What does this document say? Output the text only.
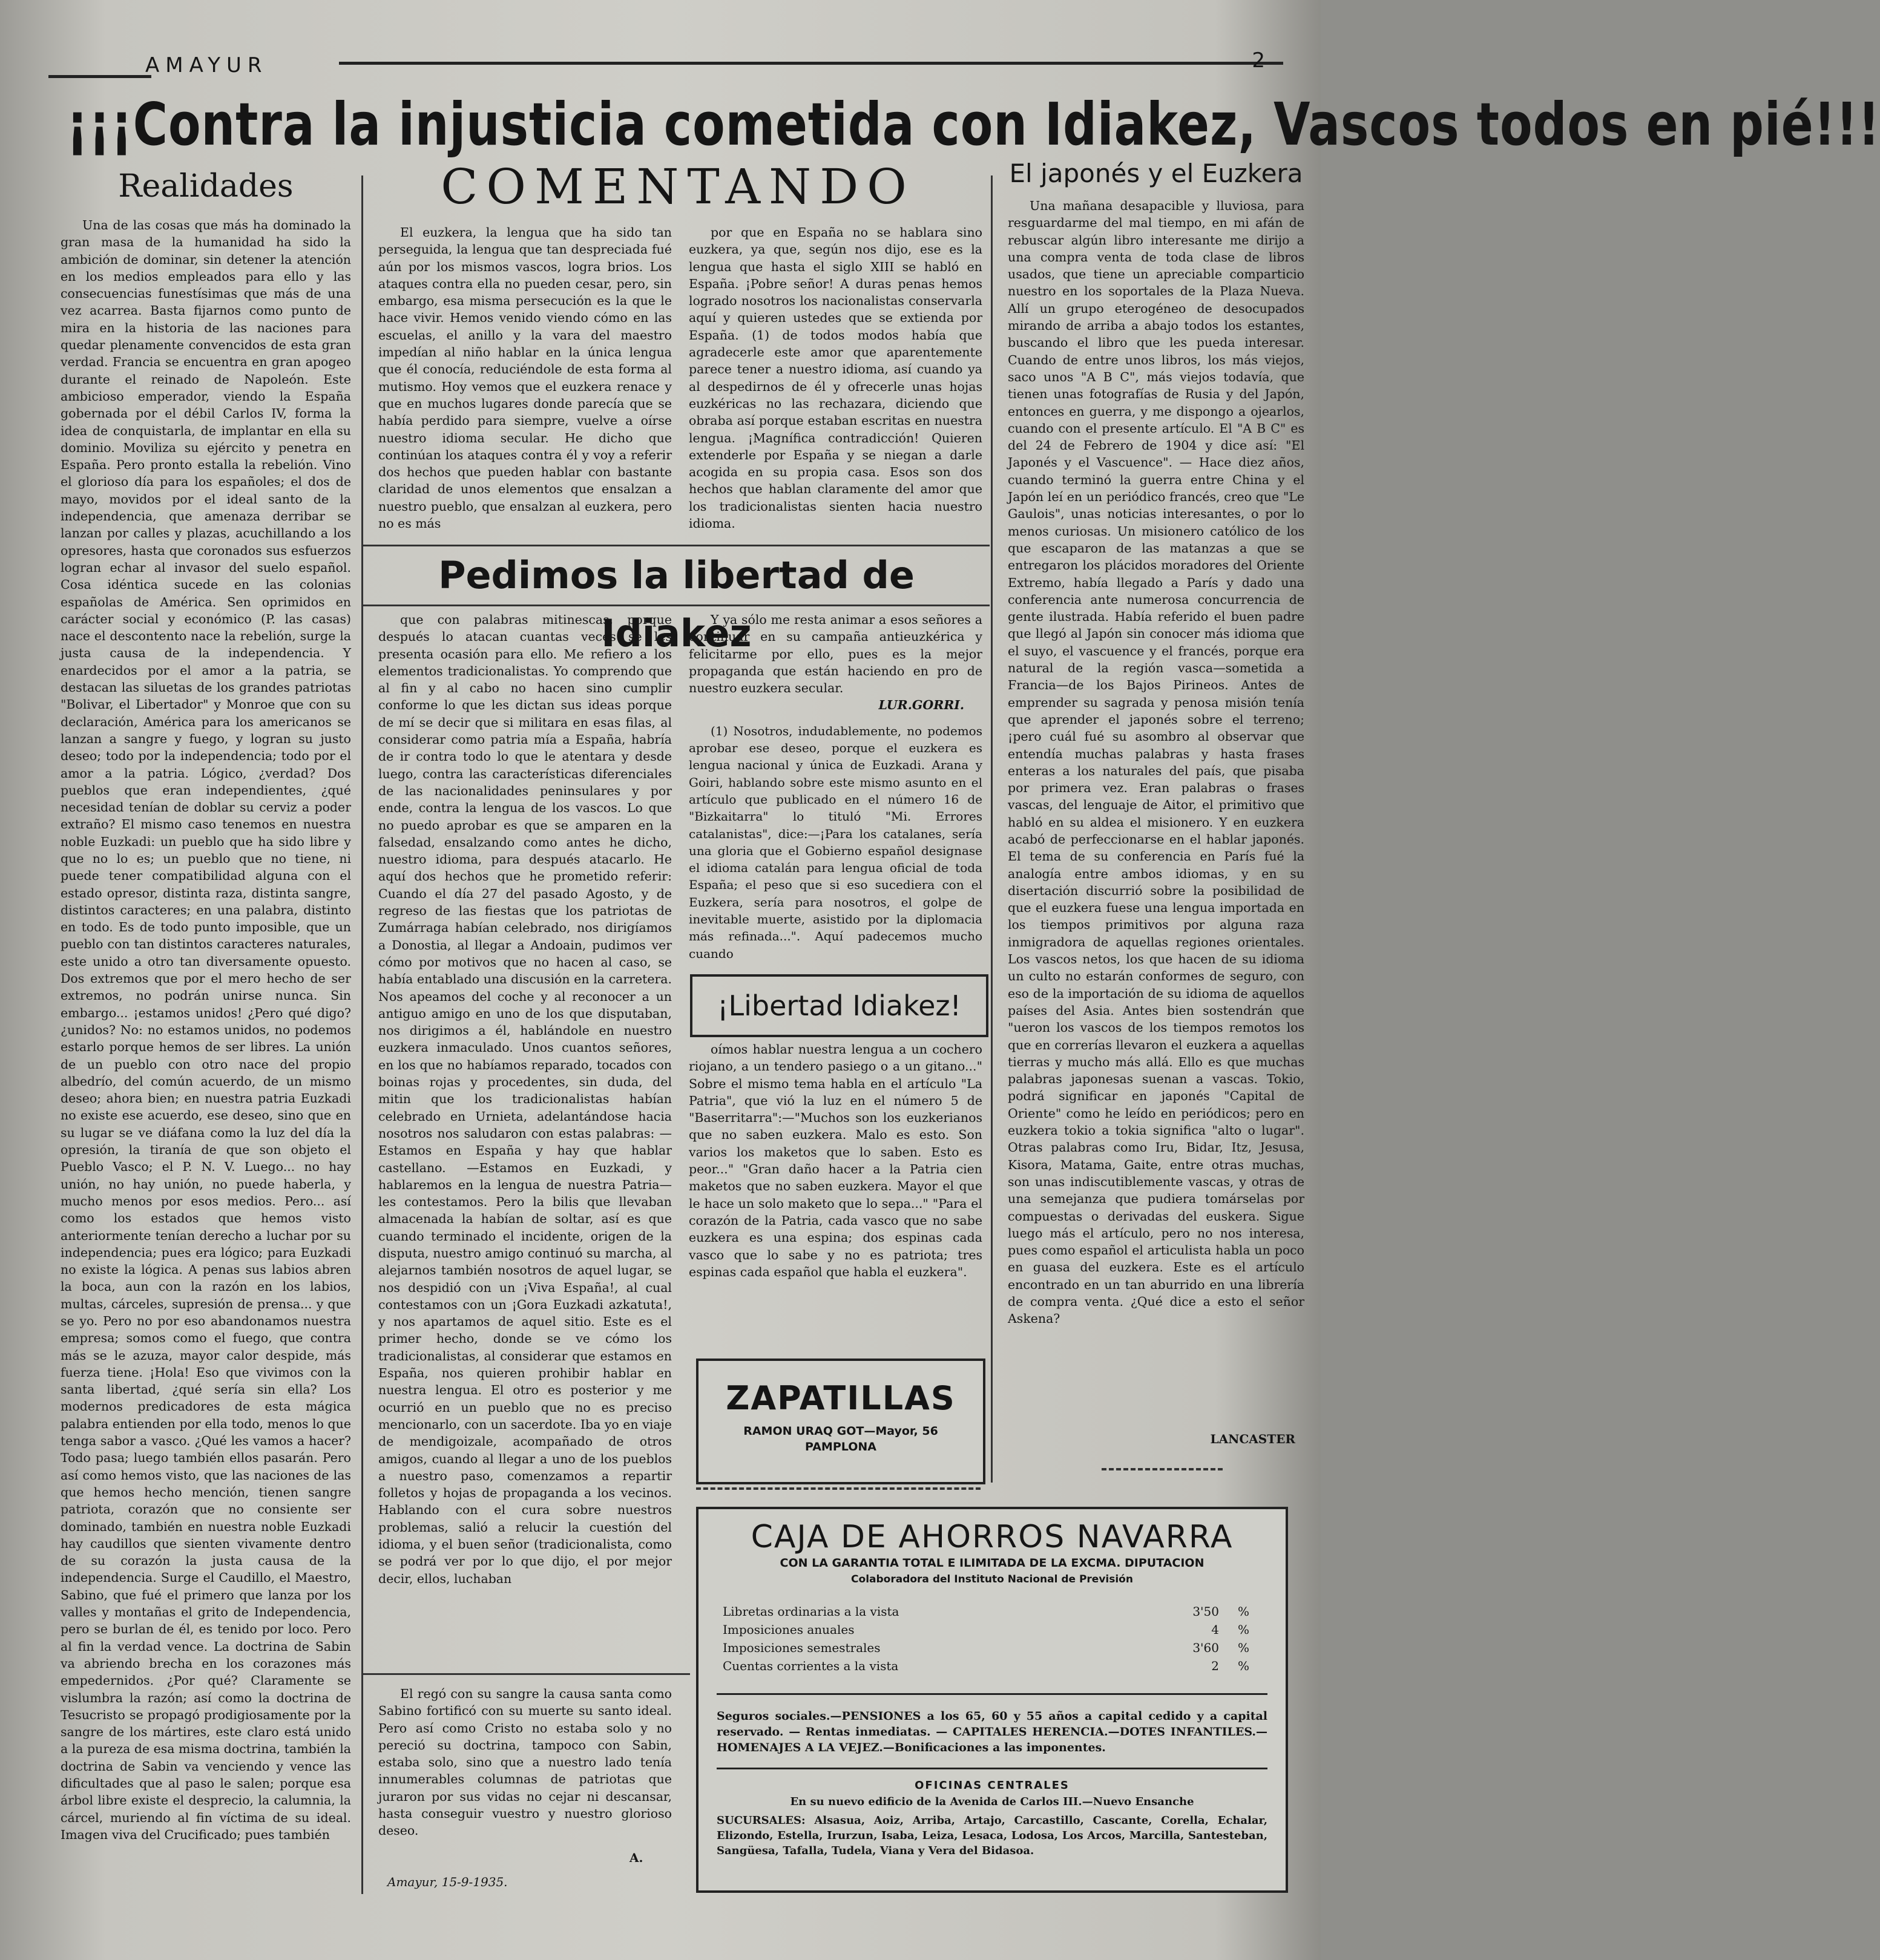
AMAYUR	2
¡¡¡Contra la injusticia cometida con Idiakez, Vascos todos en pié!!!
Realidades

Una de las cosas que más ha dominado la gran masa de la humanidad ha sido la ambición de dominar, sin detener la atención en los medios empleados para ello y las consecuencias funestísimas que más de una vez acarrea. Basta fijarnos como punto de mira en la historia de las naciones para quedar plenamente convencidos de esta gran verdad. Francia se encuentra en gran apogeo durante el reinado de Napoleón. Este ambicioso emperador, viendo la España gobernada por el débil Carlos IV, forma la idea de conquistarla, de implantar en ella su dominio. Moviliza su ejército y penetra en España. Pero pronto estalla la rebelión. Vino el glorioso día para los españoles; el dos de mayo, movidos por el ideal santo de la independencia, que amenaza derribar se lanzan por calles y plazas, acuchillando a los opresores, hasta que coronados sus esfuerzos logran echar al invasor del suelo español. Cosa idéntica sucede en las colonias españolas de América. Sen oprimidos en carácter social y económico (P. las casas) nace el descontento nace la rebelión, surge la justa causa de la independencia. Y enardecidos por el amor a la patria, se destacan las siluetas de los grandes patriotas "Bolivar, el Libertador" y Monroe que con su declaración, América para los americanos se lanzan a sangre y fuego, y logran su justo deseo; todo por la independencia; todo por el amor a la patria. Lógico, ¿verdad? Dos pueblos que eran independientes, ¿qué necesidad tenían de doblar su cerviz a poder extraño? El mismo caso tenemos en nuestra noble Euzkadi: un pueblo que ha sido libre y que no lo es; un pueblo que no tiene, ni puede tener compatibilidad alguna con el estado opresor, distinta raza, distinta sangre, distintos caracteres; en una palabra, distinto en todo. Es de todo punto imposible, que un pueblo con tan distintos caracteres naturales, este unido a otro tan diversamente opuesto. Dos extremos que por el mero hecho de ser extremos, no podrán unirse nunca. Sin embargo... ¡estamos unidos! ¿Pero qué digo? ¿unidos? No: no estamos unidos, no podemos estarlo porque hemos de ser libres. La unión de un pueblo con otro nace del propio albedrío, del común acuerdo, de un mismo deseo; ahora bien; en nuestra patria Euzkadi no existe ese acuerdo, ese deseo, sino que en su lugar se ve diáfana como la luz del día la opresión, la tiranía de que son objeto el Pueblo Vasco; el P. N. V. Luego... no hay unión, no hay unión, no puede haberla, y mucho menos por esos medios. Pero... así como los estados que hemos visto anteriormente tenían derecho a luchar por su independencia; pues era lógico; para Euzkadi no existe la lógica. A penas sus labios abren la boca, aun con la razón en los labios, multas, cárceles, supresión de prensa... y que se yo. Pero no por eso abandonamos nuestra empresa; somos como el fuego, que contra más se le azuza, mayor calor despide, más fuerza tiene. ¡Hola! Eso que vivimos con la santa libertad, ¿qué sería sin ella? Los modernos predicadores de esta mágica palabra entienden por ella todo, menos lo que tenga sabor a vasco. ¿Qué les vamos a hacer? Todo pasa; luego también ellos pasarán. Pero así como hemos visto, que las naciones de las que hemos hecho mención, tienen sangre patriota, corazón que no consiente ser dominado, también en nuestra noble Euzkadi hay caudillos que sienten vivamente dentro de su corazón la justa causa de la independencia. Surge el Caudillo, el Maestro, Sabino, que fué el primero que lanza por los valles y montañas el grito de Independencia, pero se burlan de él, es tenido por loco. Pero al fin la verdad vence. La doctrina de Sabin va abriendo brecha en los corazones más empedernidos. ¿Por qué? Claramente se vislumbra la razón; así como la doctrina de Tesucristo se propagó prodigiosamente por la sangre de los mártires, este claro está unido a la pureza de esa misma doctrina, también la doctrina de Sabin va venciendo y vence las dificultades que al paso le salen; porque esa árbol libre existe el desprecio, la calumnia, la cárcel, muriendo al fin víctima de su ideal. Imagen viva del Crucificado; pues también

COMENTANDO

El euzkera, la lengua que ha sido tan perseguida, la lengua que tan despreciada fué aún por los mismos vascos, logra brios. Los ataques contra ella no pueden cesar, pero, sin embargo, esa misma persecución es la que le hace vivir. Hemos venido viendo cómo en las escuelas, el anillo y la vara del maestro impedían al niño hablar en la única lengua que él conocía, reduciéndole de esta forma al mutismo. Hoy vemos que el euzkera renace y que en muchos lugares donde parecía que se había perdido para siempre, vuelve a oírse nuestro idioma secular. He dicho que continúan los ataques contra él y voy a referir dos hechos que pueden hablar con bastante claridad de unos elementos que ensalzan a nuestro pueblo, que ensalzan al euzkera, pero no es más

por que en España no se hablara sino euzkera, ya que, según nos dijo, ese es la lengua que hasta el siglo XIII se habló en España. ¡Pobre señor! A duras penas hemos logrado nosotros los nacionalistas conservarla aquí y quieren ustedes que se extienda por España. (1) de todos modos había que agradecerle este amor que aparentemente parece tener a nuestro idioma, así cuando ya al despedirnos de él y ofrecerle unas hojas euzkéricas no las rechazara, diciendo que obraba así porque estaban escritas en nuestra lengua. ¡Magnífica contradicción! Quieren extenderle por España y se niegan a darle acogida en su propia casa. Esos son dos hechos que hablan claramente del amor que los tradicionalistas sienten hacia nuestro idioma.

Pedimos la libertad de Idiakez

que con palabras mitinescas, porque después lo atacan cuantas veces se les presenta ocasión para ello. Me refiero a los elementos tradicionalistas. Yo comprendo que al fin y al cabo no hacen sino cumplir conforme lo que les dictan sus ideas porque de mí se decir que si militara en esas filas, al considerar como patria mía a España, habría de ir contra todo lo que le atentara y desde luego, contra las características diferenciales de las nacionalidades peninsulares y por ende, contra la lengua de los vascos. Lo que no puedo aprobar es que se amparen en la falsedad, ensalzando como antes he dicho, nuestro idioma, para después atacarlo. He aquí dos hechos que he prometido referir: Cuando el día 27 del pasado Agosto, y de regreso de las fiestas que los patriotas de Zumárraga habían celebrado, nos dirigíamos a Donostia, al llegar a Andoain, pudimos ver cómo por motivos que no hacen al caso, se había entablado una discusión en la carretera. Nos apeamos del coche y al reconocer a un antiguo amigo en uno de los que disputaban, nos dirigimos a él, hablándole en nuestro euzkera inmaculado. Unos cuantos señores, en los que no habíamos reparado, tocados con boinas rojas y procedentes, sin duda, del mitin que los tradicionalistas habían celebrado en Urnieta, adelantándose hacia nosotros nos saludaron con estas palabras: —Estamos en España y hay que hablar castellano. —Estamos en Euzkadi, y hablaremos en la lengua de nuestra Patria—les contestamos. Pero la bilis que llevaban almacenada la habían de soltar, así es que cuando terminado el incidente, origen de la disputa, nuestro amigo continuó su marcha, al alejarnos también nosotros de aquel lugar, se nos despidió con un ¡Viva España!, al cual contestamos con un ¡Gora Euzkadi azkatuta!, y nos apartamos de aquel sitio. Este es el primer hecho, donde se ve cómo los tradicionalistas, al considerar que estamos en España, nos quieren prohibir hablar en nuestra lengua. El otro es posterior y me ocurrió en un pueblo que no es preciso mencionarlo, con un sacerdote. Iba yo en viaje de mendigoizale, acompañado de otros amigos, cuando al llegar a uno de los pueblos a nuestro paso, comenzamos a repartir folletos y hojas de propaganda a los vecinos. Hablando con el cura sobre nuestros problemas, salió a relucir la cuestión del idioma, y el buen señor (tradicionalista, como se podrá ver por lo que dijo, el por mejor decir, ellos, luchaban

Y ya sólo me resta animar a esos señores a continuar en su campaña antieuzkérica y felicitarme por ello, pues es la mejor propaganda que están haciendo en pro de nuestro euzkera secular.

LUR.GORRI.

(1) Nosotros, indudablemente, no podemos aprobar ese deseo, porque el euzkera es lengua nacional y única de Euzkadi. Arana y Goiri, hablando sobre este mismo asunto en el artículo que publicado en el número 16 de "Bizkaitarra" lo tituló "Mi. Errores catalanistas", dice:—¡Para los catalanes, sería una gloria que el Gobierno español designase el idioma catalán para lengua oficial de toda España; el peso que si eso sucediera con el Euzkera, sería para nosotros, el golpe de inevitable muerte, asistido por la diplomacia más refinada...". Aquí padecemos mucho cuando

¡Libertad Idiakez!

oímos hablar nuestra lengua a un cochero riojano, a un tendero pasiego o a un gitano..." Sobre el mismo tema habla en el artículo "La Patria", que vió la luz en el número 5 de "Baserritarra":—"Muchos son los euzkerianos que no saben euzkera. Malo es esto. Son varios los maketos que lo saben. Esto es peor..." "Gran daño hacer a la Patria cien maketos que no saben euzkera. Mayor el que le hace un solo maketo que lo sepa..." "Para el corazón de la Patria, cada vasco que no sabe euzkera es una espina; dos espinas cada vasco que lo sabe y no es patriota; tres espinas cada español que habla el euzkera".

El regó con su sangre la causa santa como Sabino fortificó con su muerte su santo ideal. Pero así como Cristo no estaba solo y no pereció su doctrina, tampoco con Sabin, estaba solo, sino que a nuestro lado tenía innumerables columnas de patriotas que juraron por sus vidas no cejar ni descansar, hasta conseguir vuestro y nuestro glorioso deseo.

A.
Amayur, 15-9-1935.
El japonés y el Euzkera

Una mañana desapacible y lluviosa, para resguardarme del mal tiempo, en mi afán de rebuscar algún libro interesante me dirijo a una compra venta de toda clase de libros usados, que tiene un apreciable comparticio nuestro en los soportales de la Plaza Nueva. Allí un grupo eterogéneo de desocupados mirando de arriba a abajo todos los estantes, buscando el libro que les pueda interesar. Cuando de entre unos libros, los más viejos, saco unos "A B C", más viejos todavía, que tienen unas fotografías de Rusia y del Japón, entonces en guerra, y me dispongo a ojearlos, cuando con el presente artículo. El "A B C" es del 24 de Febrero de 1904 y dice así: "El Japonés y el Vascuence". — Hace diez años, cuando terminó la guerra entre China y el Japón leí en un periódico francés, creo que "Le Gaulois", unas noticias interesantes, o por lo menos curiosas. Un misionero católico de los que escaparon de las matanzas a que se entregaron los plácidos moradores del Oriente Extremo, había llegado a París y dado una conferencia ante numerosa concurrencia de gente ilustrada. Había referido el buen padre que llegó al Japón sin conocer más idioma que el suyo, el vascuence y el francés, porque era natural de la región vasca—sometida a Francia—de los Bajos Pirineos. Antes de emprender su sagrada y penosa misión tenía que aprender el japonés sobre el terreno; ¡pero cuál fué su asombro al observar que entendía muchas palabras y hasta frases enteras a los naturales del país, que pisaba por primera vez. Eran palabras o frases vascas, del lenguaje de Aitor, el primitivo que habló en su aldea el misionero. Y en euzkera acabó de perfeccionarse en el hablar japonés. El tema de su conferencia en París fué la analogía entre ambos idiomas, y en su disertación discurrió sobre la posibilidad de que el euzkera fuese una lengua importada en los tiempos primitivos por alguna raza inmigradora de aquellas regiones orientales. Los vascos netos, los que hacen de su idioma un culto no estarán conformes de seguro, con eso de la importación de su idioma de aquellos países del Asia. Antes bien sostendrán que "ueron los vascos de los tiempos remotos los que en correrías llevaron el euzkera a aquellas tierras y mucho más allá. Ello es que muchas palabras japonesas suenan a vascas. Tokio, podrá significar en japonés "Capital de Oriente" como he leído en periódicos; pero en euzkera tokio a tokia significa "alto o lugar". Otras palabras como Iru, Bidar, Itz, Jesusa, Kisora, Matama, Gaite, entre otras muchas, son unas indiscutiblemente vascas, y otras de una semejanza que pudiera tomárselas por compuestas o derivadas del euskera. Sigue luego más el artículo, pero no nos interesa, pues como español el articulista habla un poco en guasa del euzkera. Este es el artículo encontrado en un tan aburrido en una librería de compra venta. ¿Qué dice a esto el señor Askena?

LANCASTER
ZAPATILLAS
RAMON URAQ GOT—Mayor, 56
PAMPLONA
CAJA DE AHORROS NAVARRA
CON LA GARANTIA TOTAL E ILIMITADA DE LA EXCMA. DIPUTACION
Colaboradora del Instituto Nacional de Previsión
Libretas ordinarias a la vista	3'50	%
Imposiciones anuales	4	%
Imposiciones semestrales	3'60	%
Cuentas corrientes a la vista	2	%
Seguros sociales.—PENSIONES a los 65, 60 y 55 años a capital cedido y a capital reservado. — Rentas inmediatas. — CAPITALES HERENCIA.—DOTES INFANTILES.—HOMENAJES A LA VEJEZ.—Bonificaciones a las imponentes.
OFICINAS CENTRALES
En su nuevo edificio de la Avenida de Carlos III.—Nuevo Ensanche
SUCURSALES: Alsasua, Aoiz, Arriba, Artajo, Carcastillo, Cascante, Corella, Echalar, Elizondo, Estella, Irurzun, Isaba, Leiza, Lesaca, Lodosa, Los Arcos, Marcilla, Santesteban, Sangüesa, Tafalla, Tudela, Viana y Vera del Bidasoa.
